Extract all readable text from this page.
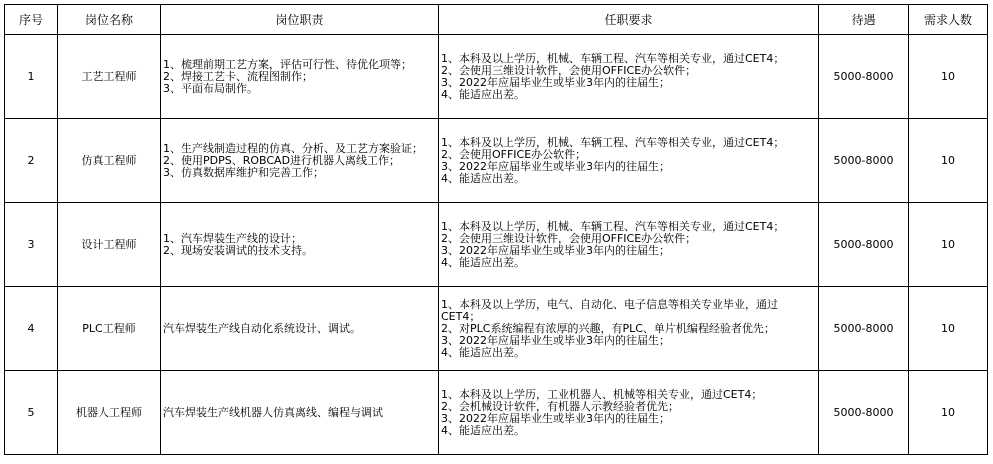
序号	岗位名称	岗位职责	任职要求	待遇	需求人数
1	工艺工程师	1、梳理前期工艺方案，评估可行性、待优化项等；
2、焊接工艺卡、流程图制作；
3、平面布局制作。	1、本科及以上学历，机械、车辆工程、汽车等相关专业，通过CET4；
2、会使用三维设计软件，会使用OFFICE办公软件；
3、2022年应届毕业生或毕业3年内的往届生；
4、能适应出差。	5000-8000	10
2	仿真工程师	1、生产线制造过程的仿真、分析、及工艺方案验证；
2、使用PDPS、ROBCAD进行机器人离线工作；
3、仿真数据库维护和完善工作；	1、本科及以上学历，机械、车辆工程、汽车等相关专业，通过CET4；
2、会使用OFFICE办公软件；
3、2022年应届毕业生或毕业3年内的往届生；
4、能适应出差。	5000-8000	10
3	设计工程师	1、汽车焊装生产线的设计；
2、现场安装调试的技术支持。	1、本科及以上学历，机械、车辆工程、汽车等相关专业，通过CET4；
2、会使用三维设计软件，会使用OFFICE办公软件；
3、2022年应届毕业生或毕业3年内的往届生；
4、能适应出差。	5000-8000	10
4	PLC工程师	汽车焊装生产线自动化系统设计、调试。	1、本科及以上学历，电气、自动化、电子信息等相关专业毕业，通过CET4；
2、对PLC系统编程有浓厚的兴趣，有PLC、单片机编程经验者优先；
3、2022年应届毕业生或毕业3年内的往届生；
4、能适应出差。	5000-8000	10
5	机器人工程师	汽车焊装生产线机器人仿真离线、编程与调试	1、本科及以上学历，工业机器人、机械等相关专业，通过CET4；
2、会机械设计软件，有机器人示教经验者优先；
3、2022年应届毕业生或毕业3年内的往届生；
4、能适应出差。	5000-8000	10
